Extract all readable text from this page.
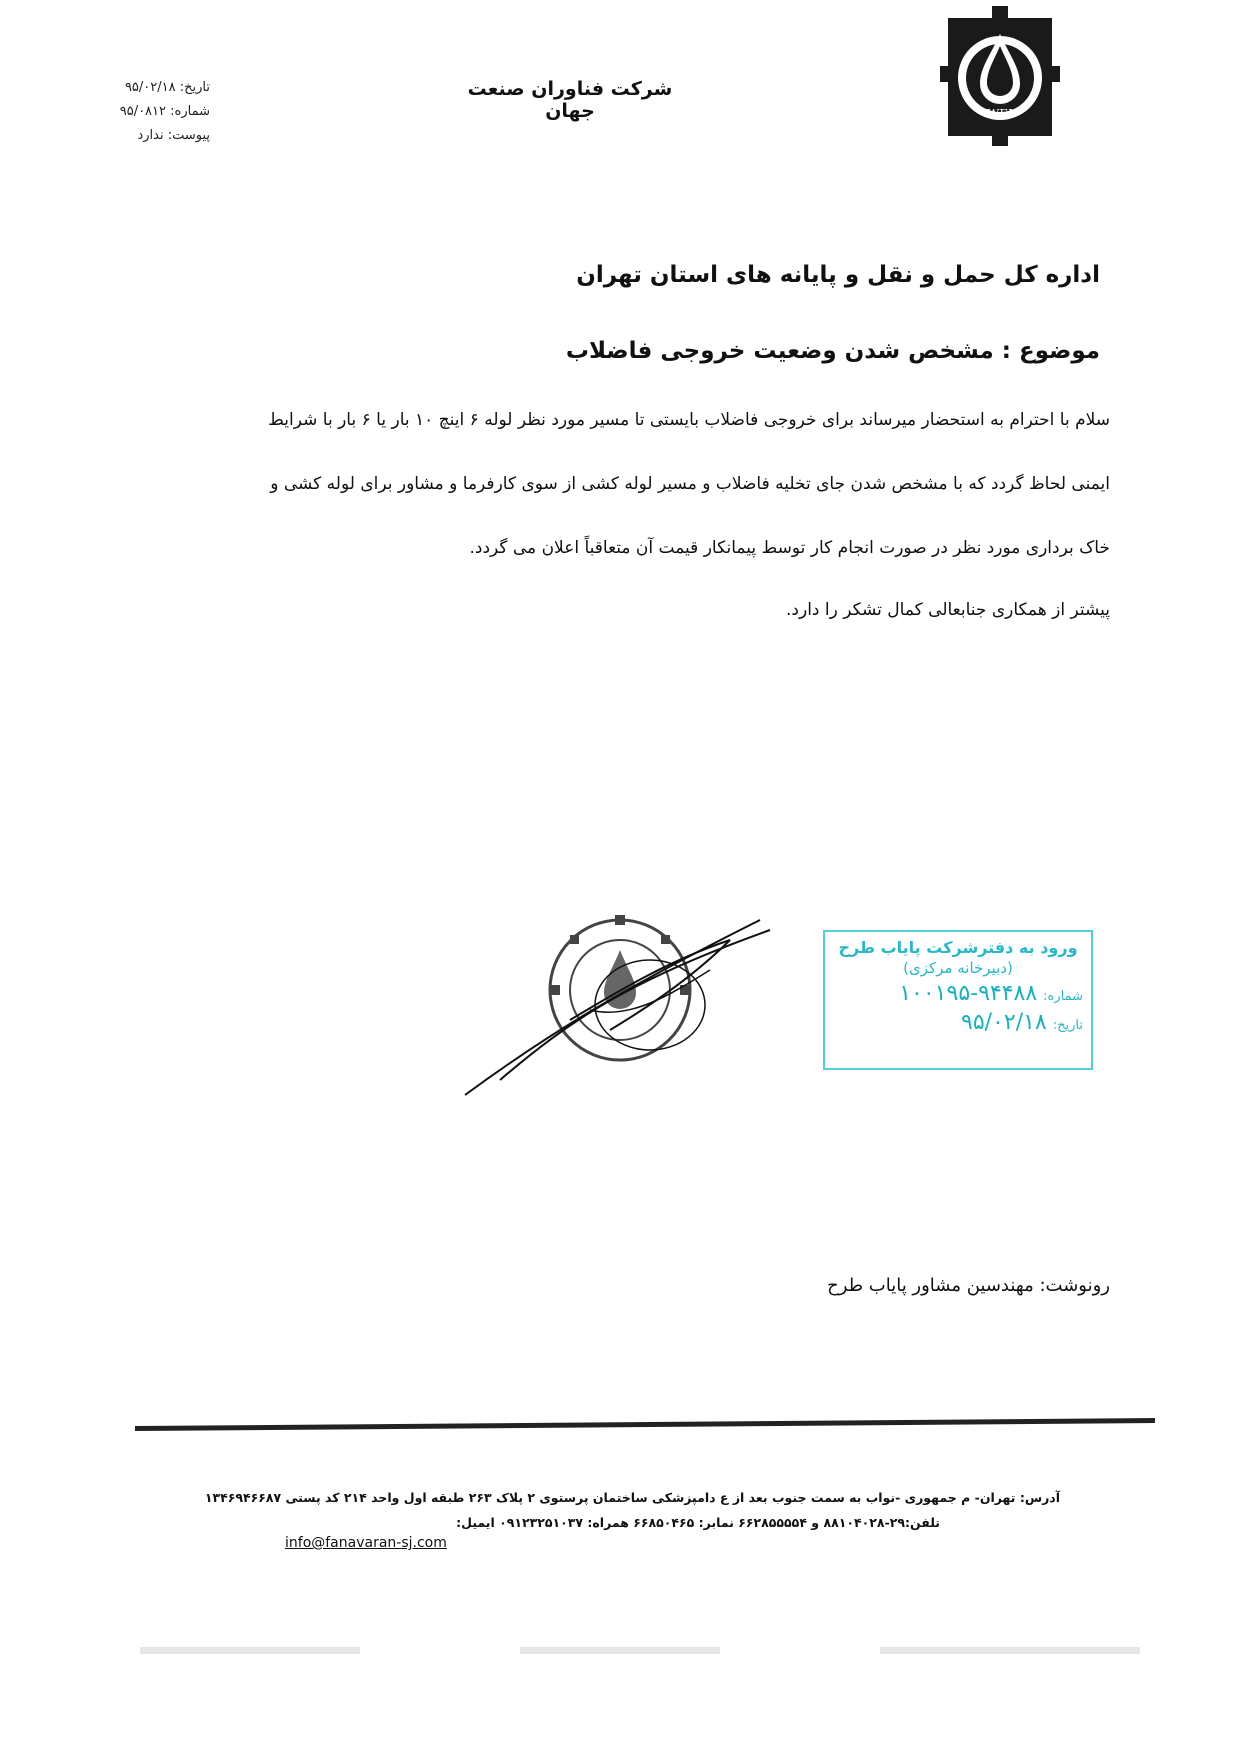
WEI
شرکت فناوران صنعت جهان
تاریخ: ۹۵/۰۲/۱۸
شماره: ۹۵/۰۸۱۲
پیوست: ندارد
اداره کل حمل و نقل و پایانه های استان تهران
موضوع : مشخص شدن وضعیت خروجی فاضلاب
سلام با احترام به استحضار میرساند برای خروجی فاضلاب بایستی تا مسیر مورد نظر لوله ۶ اینچ ۱۰ بار یا ۶ بار با شرایط
ایمنی لحاظ گردد که با مشخص شدن جای تخلیه فاضلاب و مسیر لوله کشی از سوی کارفرما و مشاور برای لوله کشی و
خاک برداری مورد نظر در صورت انجام کار توسط پیمانکار قیمت آن متعاقباً اعلان می گردد.
پیشتر از همکاری جنابعالی کمال تشکر را دارد.
ورود به دفترشرکت پایاب طرح
(دبیرخانه مرکزی)
شماره:
۱۰۰۱۹۵-۹۴۴۸۸
تاریخ:
۹۵/۰۲/۱۸
رونوشت: مهندسین مشاور پایاب طرح
آدرس: تهران- م جمهوری -نواب به سمت جنوب بعد از ع دامپزشکی ساختمان پرستوی ۲ پلاک ۲۶۳ طبقه اول واحد ۲۱۴ کد پستی ۱۳۴۶۹۴۶۶۸۷
تلفن:۲۹-۸۸۱۰۴۰۲۸ و ۶۶۲۸۵۵۵۵۴ نمابر: ۶۶۸۵۰۴۶۵ همراه: ۰۹۱۲۳۲۵۱۰۳۷ ایمیل:
info@fanavaran-sj.com
